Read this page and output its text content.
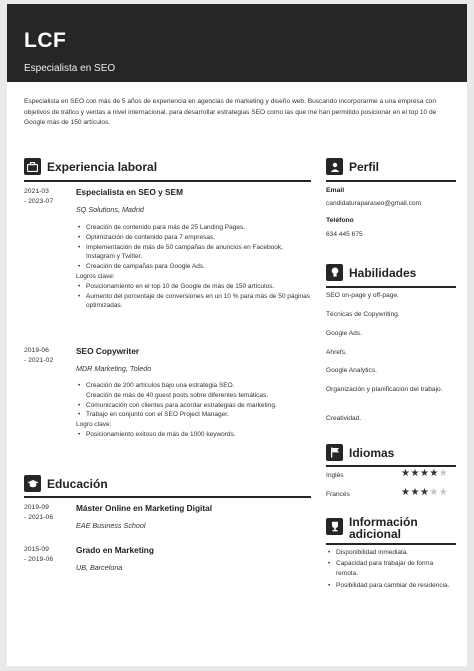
LCF
Especialista en SEO
Especialista en SEO con más de 5 años de experiencia en agencias de marketing y diseño web. Buscando incorporarme a una empresa con objetivos de tráfico y ventas a nivel internacional, para desarrollar estrategias SEO como las que me han permitido posicionar en el top 10 de Google más de 150 artículos.
Experiencia laboral
2021-03
- 2023-07
Especialista en SEO y SEM
SQ Solutions, Madrid
• Creación de contenido para más de 25 Landing Pages.
• Optimización de contenido para 7 empresas.
• Implementación de más de 50 campañas de anuncios en Facebook, Instagram y Twitter.
• Creación de campañas para Google Ads.
Logros clave:
• Posicionamiento en el top 10 de Google de más de 150 artículos.
• Aumento del porcentaje de conversiones en un 10 % para más de 50 páginas optimizadas.
2019-06
- 2021-02
SEO Copywriter
MDR Marketing, Toledo
• Creación de 200 artículos bajo una estrategia SEO.
Creación de más de 40 guest posts sobre diferentes temáticas.
• Comunicación con clientes para acordar estrategias de marketing.
• Trabajo en conjunto con el SEO Project Manager.
Logro clave:
• Posicionamiento exitoso de más de 1000 keywords.
Educación
2019-09
- 2021-06
Máster Online en Marketing Digital
EAE Business School
2015-09
- 2019-06
Grado en Marketing
UB, Barcelona
Perfil
Email
candidaturaparaseo@gmail.com
Teléfono
634 445 675
Habilidades
SEO on-page y off-page.
Técnicas de Copywriting.
Google Ads.
Ahrefs.
Google Analytics.
Organización y planificación del trabajo.
Creatividad.
Idiomas
Inglés	★★★★★
Francés	★★★★★
Información
adicional
• Disponibilidad inmediata.
• Capacidad para trabajar de forma remota.
• Posibilidad para cambiar de residencia.
